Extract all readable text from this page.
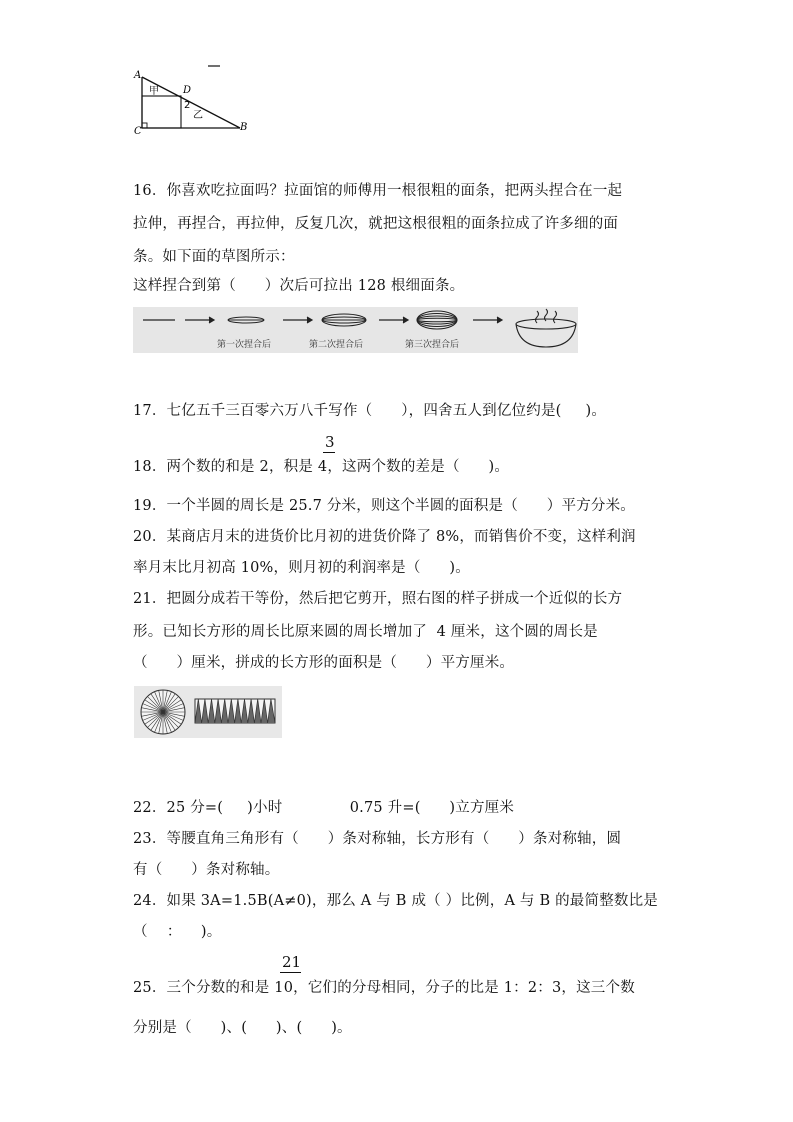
A
D
C	B
甲
乙
2
16．你喜欢吃拉面吗？拉面馆的师傅用一根很粗的面条，把两头捏合在一起
拉伸，再捏合，再拉伸，反复几次，就把这根很粗的面条拉成了许多细的面
条。如下面的草图所示：
这样捏合到第（      ）次后可拉出 128 根细面条。
第一次捏合后	第二次捏合后	第三次捏合后
17．七亿五千三百零六万八千写作（      ），四舍五人到亿位约是(     )。
3
18．两个数的和是 2，积是 4，这两个数的差是（      )。
19．一个半圆的周长是 25.7 分米，则这个半圆的面积是（      ）平方分米。
20．某商店月末的进货价比月初的进货价降了 8%，而销售价不变，这样利润
率月末比月初高 10%，则月初的利润率是（      )。
21．把圆分成若干等份，然后把它剪开，照右图的样子拼成一个近似的长方
形。已知长方形的周长比原来圆的周长增加了  4 厘米，这个圆的周长是
（      ）厘米，拼成的长方形的面积是（      ）平方厘米。
22．25 分=(     )小时              0.75 升=(      )立方厘米
23．等腰直角三角形有（      ）条对称轴，长方形有（      ）条对称轴，圆
有（      ）条对称轴。
24．如果 3A=1.5B(A≠0)，那么 A 与 B 成（ ）比例，A 与 B 的最简整数比是
（    ：    )。
21
25．三个分数的和是 10，它们的分母相同，分子的比是 1：2：3，这三个数
分别是（      )、(      )、(      )。
